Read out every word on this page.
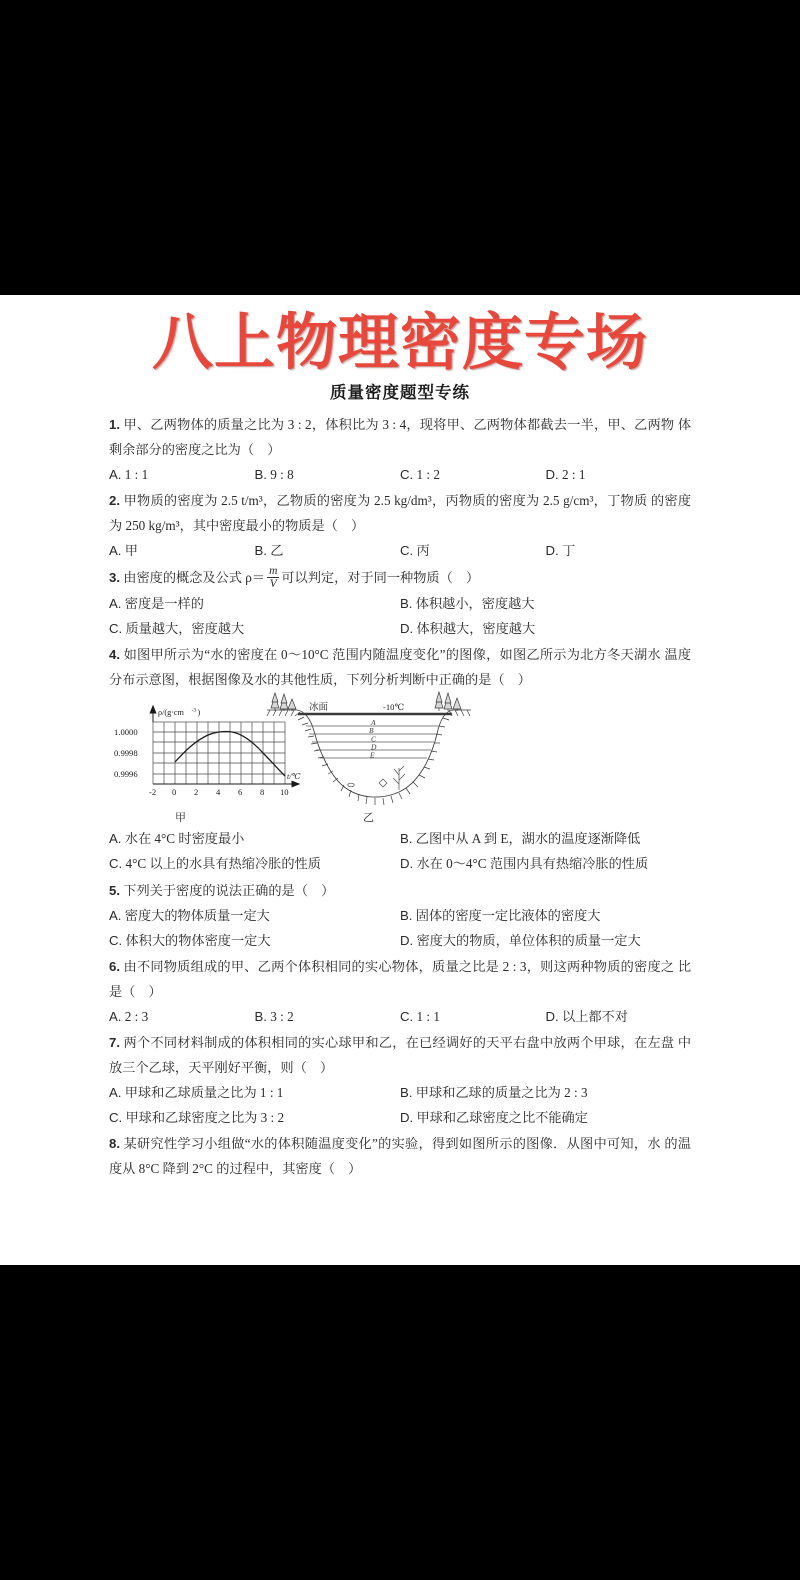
八上物理密度专场
质量密度题型专练
1. 甲、乙两物体的质量之比为 3 : 2，体积比为 3 : 4，现将甲、乙两物体都截去一半，甲、乙两物 体剩余部分的密度之比为（　）
A. 1 : 1	B. 9 : 8	C. 1 : 2	D. 2 : 1
2. 甲物质的密度为 2.5 t/m³，乙物质的密度为 2.5 kg/dm³，丙物质的密度为 2.5 g/cm³，丁物质 的密度为 250 kg/m³，其中密度最小的物质是（　）
A. 甲	B. 乙	C. 丙	D. 丁
3. 由密度的概念及公式 $\rho= \frac{m}{V}$ 可以判定，对于同一种物质（　）
A. 密度是一样的	B. 体积越小，密度越大
C. 质量越大，密度越大	D. 体积越大，密度越大
4. 如图甲所示为“水的密度在 0～10°C 范围内随温度变化”的图像，如图乙所示为北方冬天湖水 温度分布示意图，根据图像及水的其他性质，下列分析判断中正确的是（　）
ρ/(g·cm -3 )
1.0000
0.9998
0.9996
-2 0 2 4 6 8 10
t/℃
A
B
C
D
E
冰面	-10℃
甲	乙
A. 水在 4°C 时密度最小	B. 乙图中从 A 到 E，湖水的温度逐渐降低
C. 4°C 以上的水具有热缩冷胀的性质	D. 水在 0～4°C 范围内具有热缩冷胀的性质
5. 下列关于密度的说法正确的是（　）
A. 密度大的物体质量一定大	B. 固体的密度一定比液体的密度大
C. 体积大的物体密度一定大	D. 密度大的物质，单位体积的质量一定大
6. 由不同物质组成的甲、乙两个体积相同的实心物体，质量之比是 2 : 3，则这两种物质的密度之 比是（　）
A. 2 : 3	B. 3 : 2	C. 1 : 1	D. 以上都不对
7. 两个不同材料制成的体积相同的实心球甲和乙，在已经调好的天平右盘中放两个甲球，在左盘 中放三个乙球，天平刚好平衡，则（　）
A. 甲球和乙球质量之比为 1 : 1	B. 甲球和乙球的质量之比为 2 : 3
C. 甲球和乙球密度之比为 3 : 2	D. 甲球和乙球密度之比不能确定
8. 某研究性学习小组做“水的体积随温度变化”的实验，得到如图所示的图像．从图中可知，水 的温度从 8°C 降到 2°C 的过程中，其密度（　）
